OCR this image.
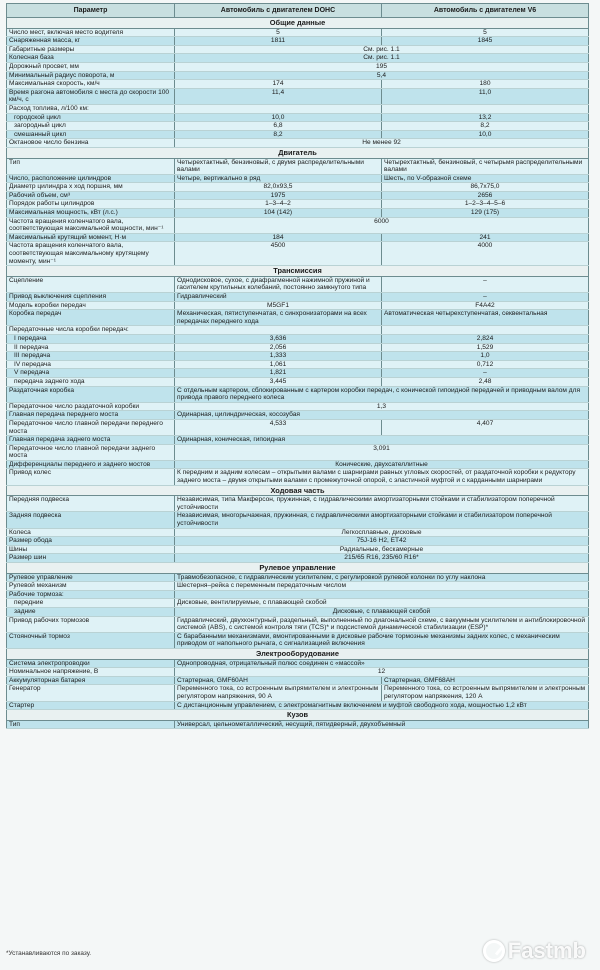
Параметр	Автомобиль с двигателем DOHC	Автомобиль с двигателем V6
Общие данные		
Число мест, включая место водителя	5	5
Снаряженная масса, кг	1811	1845
Габаритные размеры	См. рис. 1.1	
Колесная база	См. рис. 1.1	
Дорожный просвет, мм	195	
Минимальный радиус поворота, м	5,4	
Максимальная скорость, км/ч	174	180
Время разгона автомобиля с места до скорости 100 км/ч, с	11,4	11,0
Расход топлива, л/100 км:		
городской цикл	10,0	13,2
загородный цикл	6,8	8,2
смешанный цикл	8,2	10,0
Октановое число бензина	Не менее 92	
Двигатель		
Тип	Четырехтактный, бензиновый, с двумя распределительными валами	Четырехтактный, бензиновый, с четырьмя распределительными валами
Число, расположение цилиндров	Четыре, вертикально в ряд	Шесть, по V-образной схеме
Диаметр цилиндра х ход поршня, мм	82,0x93,5	86,7x75,0
Рабочий объем, см³	1975	2656
Порядок работы цилиндров	1–3–4–2	1–2–3–4–5–6
Максимальная мощность, кВт (л.с.)	104 (142)	129 (175)
Частота вращения коленчатого вала, соответствующая максимальной мощности, мин⁻¹	6000	
Максимальный крутящий момент, Н·м	184	241
Частота вращения коленчатого вала, соответствующая максимальному крутящему моменту, мин⁻¹	4500	4000
Трансмиссия		
Сцепление	Однодисковое, сухое, с диафрагменной нажимной пружиной и гасителем крутильных колебаний, постоянно замкнутого типа	–
Привод выключения сцепления	Гидравлический	–
Модель коробки передач	M5GF1	F4A42
Коробка передач	Механическая, пятиступенчатая, с синхронизаторами на всех передачах переднего хода	Автоматическая четырехступенчатая, секвентальная
Передаточные числа коробки передач:		
I передача	3,636	2,824
II передача	2,056	1,529
III передача	1,333	1,0
IV передача	1,061	0,712
V передача	1,821	–
передача заднего хода	3,445	2,48
Раздаточная коробка	С отдельным картером, сблокированным с картером коробки передач, с конической гипоидной передачей и приводным валом для привода правого переднего колеса	
Передаточное число раздаточной коробки	1,3	
Главная передача переднего моста	Одинарная, цилиндрическая, косозубая	
Передаточное число главной передачи переднего моста	4,533	4,407
Главная передача заднего моста	Одинарная, коническая, гипоидная	
Передаточное число главной передачи заднего моста	3,091	
Дифференциалы переднего и заднего мостов	Конические, двухсателлитные	
Привод колес	К передним и задним колесам – открытыми валами с шарнирами равных угловых скоростей, от раздаточной коробки к редуктору заднего моста – двумя открытыми валами с промежуточной опорой, с эластичной муфтой и с карданными шарнирами	
Ходовая часть		
Передняя подвеска	Независимая, типа Макферсон, пружинная, с гидравлическими амортизаторными стойками и стабилизатором поперечной устойчивости	
Задняя подвеска	Независимая, многорычажная, пружинная, с гидравлическими амортизаторными стойками и стабилизатором поперечной устойчивости	
Колеса	Легкосплавные, дисковые	
Размер обода	75J-16 H2, ET42	
Шины	Радиальные, бескамерные	
Размер шин	215/65 R16, 235/60 R16*	
Рулевое управление		
Рулевое управление	Травмобезопасное, с гидравлическим усилителем, с регулировкой рулевой колонки по углу наклона	
Рулевой механизм	Шестерня–рейка с переменным передаточным числом	
Рабочие тормоза:		
передние	Дисковые, вентилируемые, с плавающей скобой	
задние	Дисковые, с плавающей скобой	
Привод рабочих тормозов	Гидравлический, двухконтурный, раздельный, выполненный по диагональной схеме, с вакуумным усилителем и антиблокировочной системой (ABS), с системой контроля тяги (TCS)* и подсистемой динамической стабилизации (ESP)*	
Стояночный тормоз	С барабанными механизмами, вмонтированными в дисковые рабочие тормозные механизмы задних колес, с механическим приводом от напольного рычага, с сигнализацией включения	
Электрооборудование		
Система электропроводки	Однопроводная, отрицательный полюс соединен с «массой»	
Номинальное напряжение, В	12	
Аккумуляторная батарея	Стартерная, GMF60AH	Стартерная, GMF68AH
Генератор	Переменного тока, со встроенным выпрямителем и электронным регулятором напряжения, 90 А	Переменного тока, со встроенным выпрямителем и электронным регулятором напряжения, 120 А
Стартер	С дистанционным управлением, с электромагнитным включением и муфтой свободного хода, мощностью 1,2 кВт	
Кузов		
Тип	Универсал, цельнометаллический, несущий, пятидверный, двухобъемный	
*Устанавливаются по заказу.	Fastmb
